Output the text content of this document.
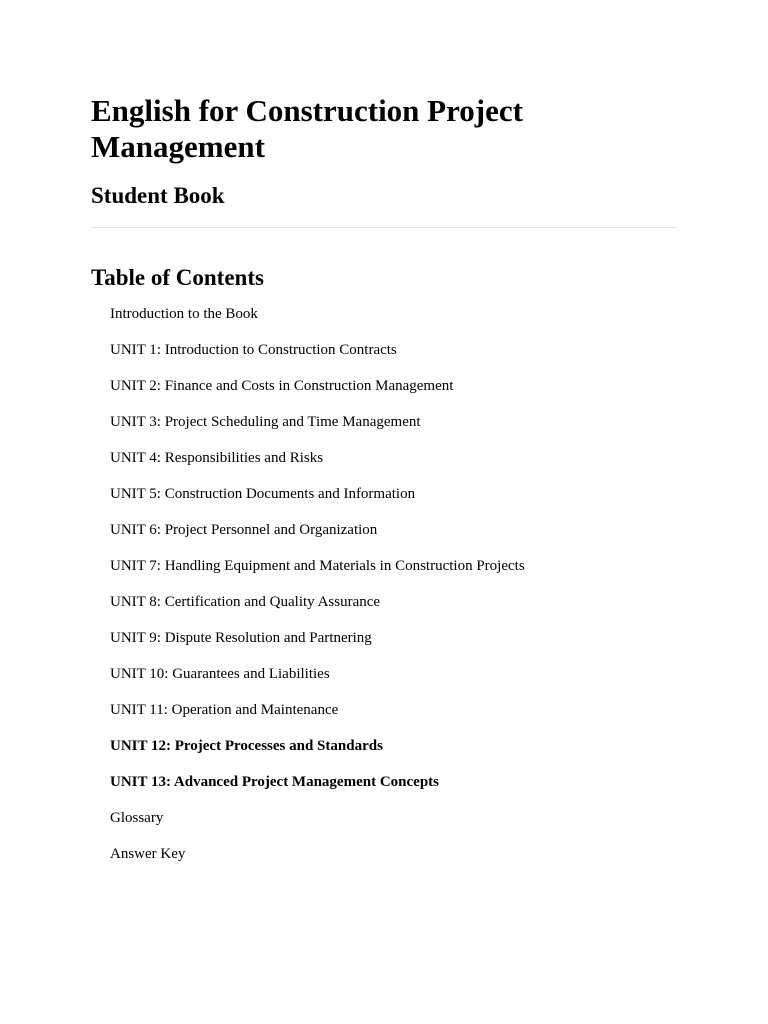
English for Construction Project Management
Student Book
Table of Contents
Introduction to the Book
UNIT 1: Introduction to Construction Contracts
UNIT 2: Finance and Costs in Construction Management
UNIT 3: Project Scheduling and Time Management
UNIT 4: Responsibilities and Risks
UNIT 5: Construction Documents and Information
UNIT 6: Project Personnel and Organization
UNIT 7: Handling Equipment and Materials in Construction Projects
UNIT 8: Certification and Quality Assurance
UNIT 9: Dispute Resolution and Partnering
UNIT 10: Guarantees and Liabilities
UNIT 11: Operation and Maintenance
UNIT 12: Project Processes and Standards
UNIT 13: Advanced Project Management Concepts
Glossary
Answer Key
